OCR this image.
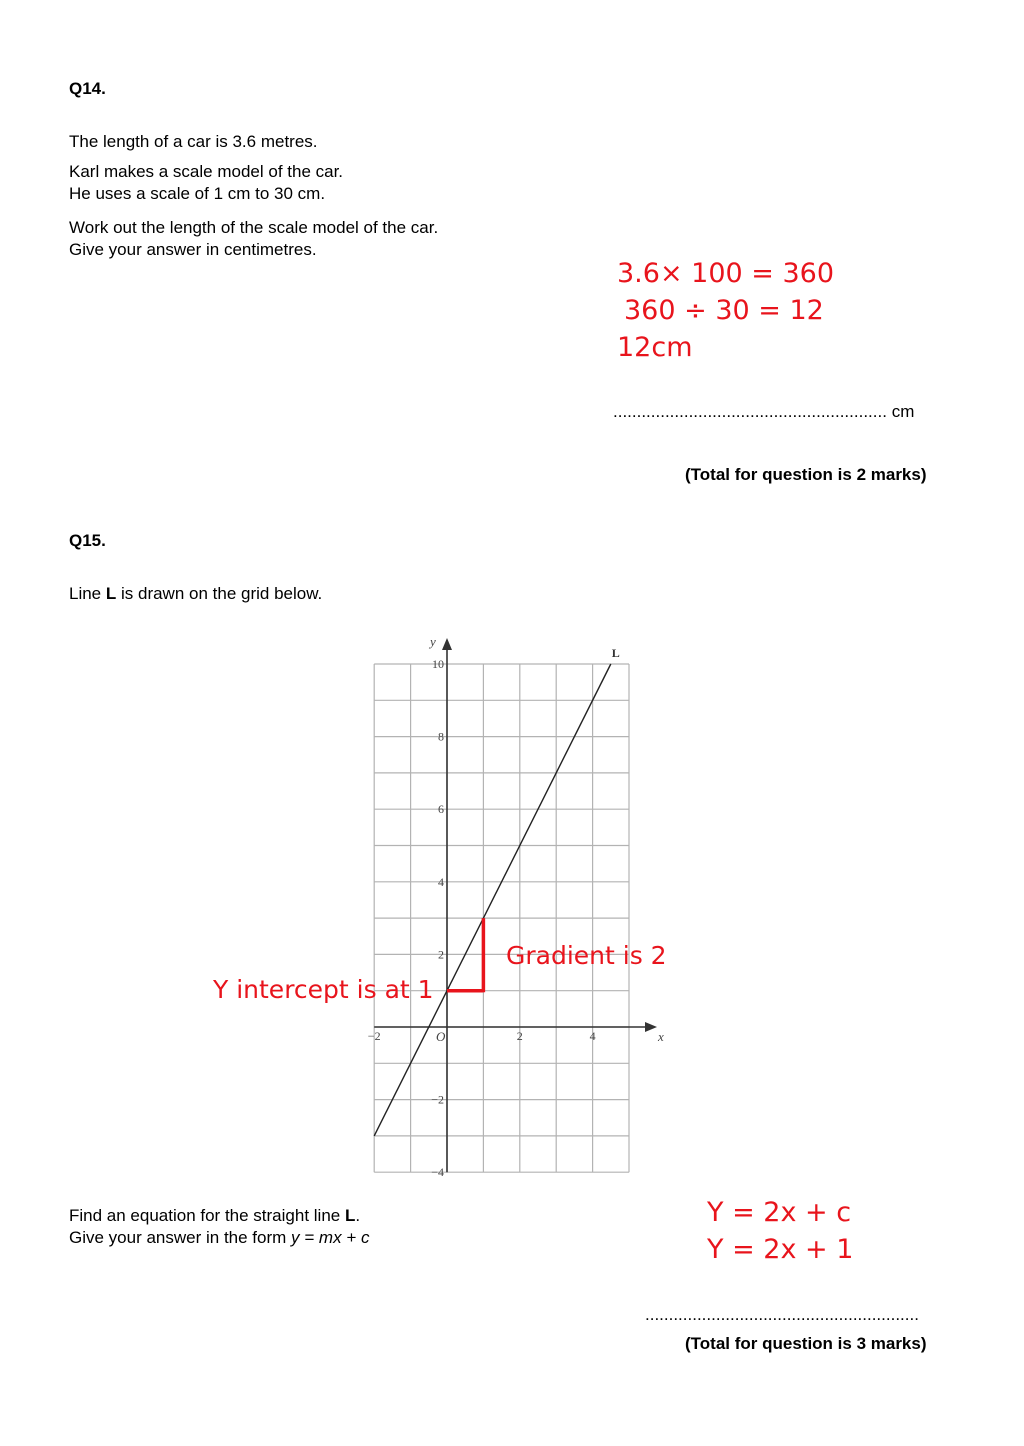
Q14.
The length of a car is 3.6 metres.
Karl makes a scale model of the car.
He uses a scale of 1 cm to 30 cm.
Work out the length of the scale model of the car.
Give your answer in centimetres.
3.6× 100 = 360
360 ÷ 30 = 12
12cm
.......................................................... cm
(Total for question is 2 marks)
Q15.
Line L is drawn on the grid below.
−2	2	4
10
8
6
4
2
−2
−4
O	x
y
L
Gradient is 2
Y intercept is at 1
Find an equation for the straight line L.
Give your answer in the form y = mx + c
Y = 2x + c
Y = 2x + 1
..........................................................
(Total for question is 3 marks)
